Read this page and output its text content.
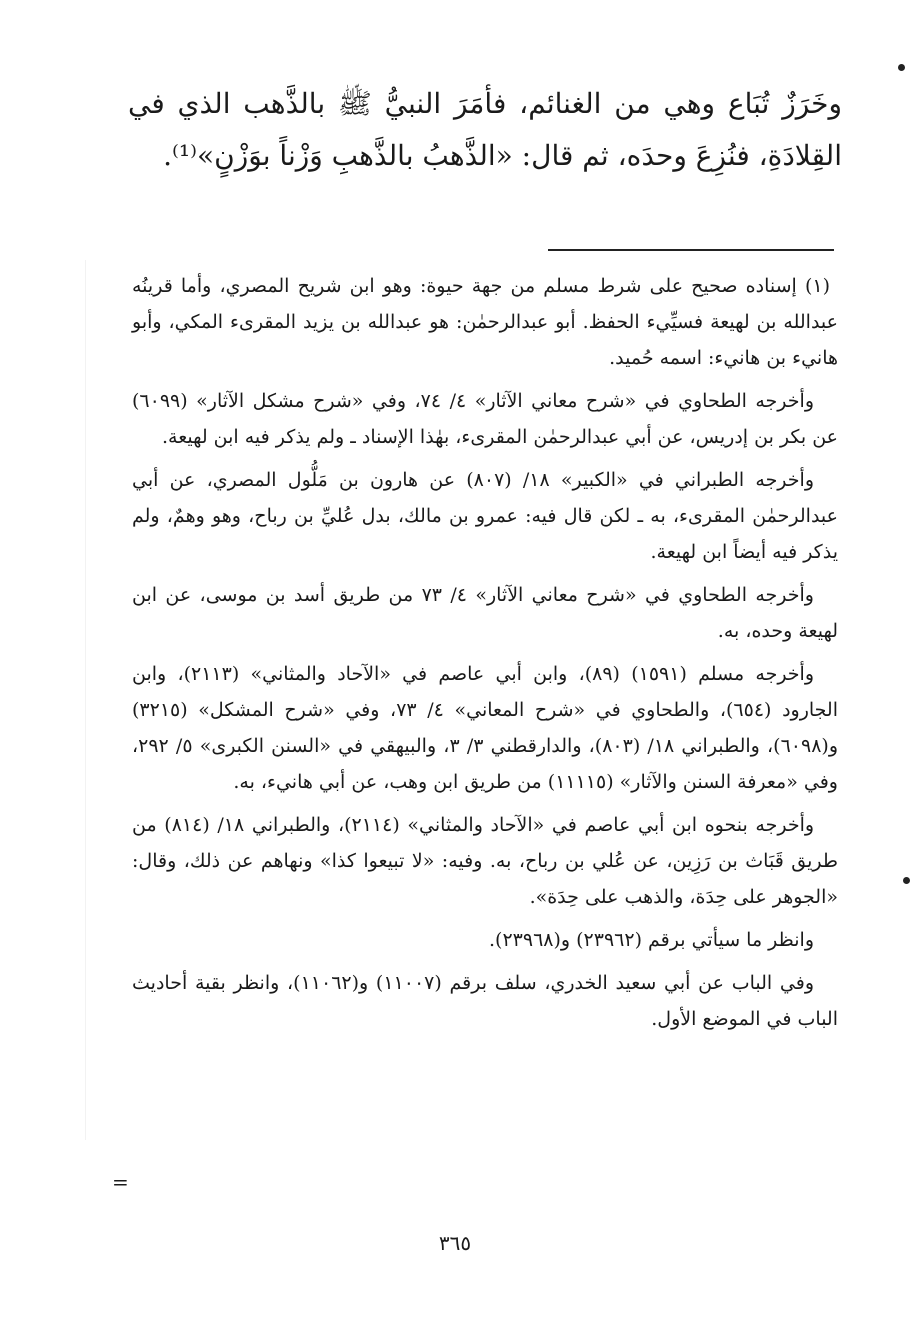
وخَرَزٌ تُبَاع وهي من الغنائم، فأمَرَ النبيُّ ﷺ بالذَّهب الذي في القِلادَةِ، فنُزِعَ وحدَه، ثم قال: «الذَّهبُ بالذَّهبِ وَزْناً بوَزْنٍ»⁽¹⁾.

(١) إسناده صحيح على شرط مسلم من جهة حيوة: وهو ابن شريح المصري، وأما قرينُه عبدالله بن لهيعة فسيِّيء الحفظ. أبو عبدالرحمٰن: هو عبدالله بن يزيد المقرىء المكي، وأبو هانيء بن هانيء: اسمه حُميد.

وأخرجه الطحاوي في «شرح معاني الآثار» ٤/ ٧٤، وفي «شرح مشكل الآثار» (٦٠٩٩) عن بكر بن إدريس، عن أبي عبدالرحمٰن المقرىء، بهٰذا الإسناد ـ ولم يذكر فيه ابن لهيعة.

وأخرجه الطبراني في «الكبير» ١٨/ (٨٠٧) عن هارون بن مَلُّول المصري، عن أبي عبدالرحمٰن المقرىء، به ـ لكن قال فيه: عمرو بن مالك، بدل عُليِّ بن رباح، وهو وهمٌ، ولم يذكر فيه أيضاً ابن لهيعة.

وأخرجه الطحاوي في «شرح معاني الآثار» ٤/ ٧٣ من طريق أسد بن موسى، عن ابن لهيعة وحده، به.

وأخرجه مسلم (١٥٩١) (٨٩)، وابن أبي عاصم في «الآحاد والمثاني» (٢١١٣)، وابن الجارود (٦٥٤)، والطحاوي في «شرح المعاني» ٤/ ٧٣، وفي «شرح المشكل» (٣٢١٥) و(٦٠٩٨)، والطبراني ١٨/ (٨٠٣)، والدارقطني ٣/ ٣، والبيهقي في «السنن الكبرى» ٥/ ٢٩٢، وفي «معرفة السنن والآثار» (١١١١٥) من طريق ابن وهب، عن أبي هانيء، به.

وأخرجه بنحوه ابن أبي عاصم في «الآحاد والمثاني» (٢١١٤)، والطبراني ١٨/ (٨١٤) من طريق قَبَاث بن رَزِين، عن عُلي بن رباح، به. وفيه: «لا تبيعوا كذا» ونهاهم عن ذلك، وقال: «الجوهر على حِدَة، والذهب على حِدَة».

وانظر ما سيأتي برقم (٢٣٩٦٢) و(٢٣٩٦٨).

وفي الباب عن أبي سعيد الخدري، سلف برقم (١١٠٠٧) و(١١٠٦٢)، وانظر بقية أحاديث الباب في الموضع الأول.

=
٣٦٥
